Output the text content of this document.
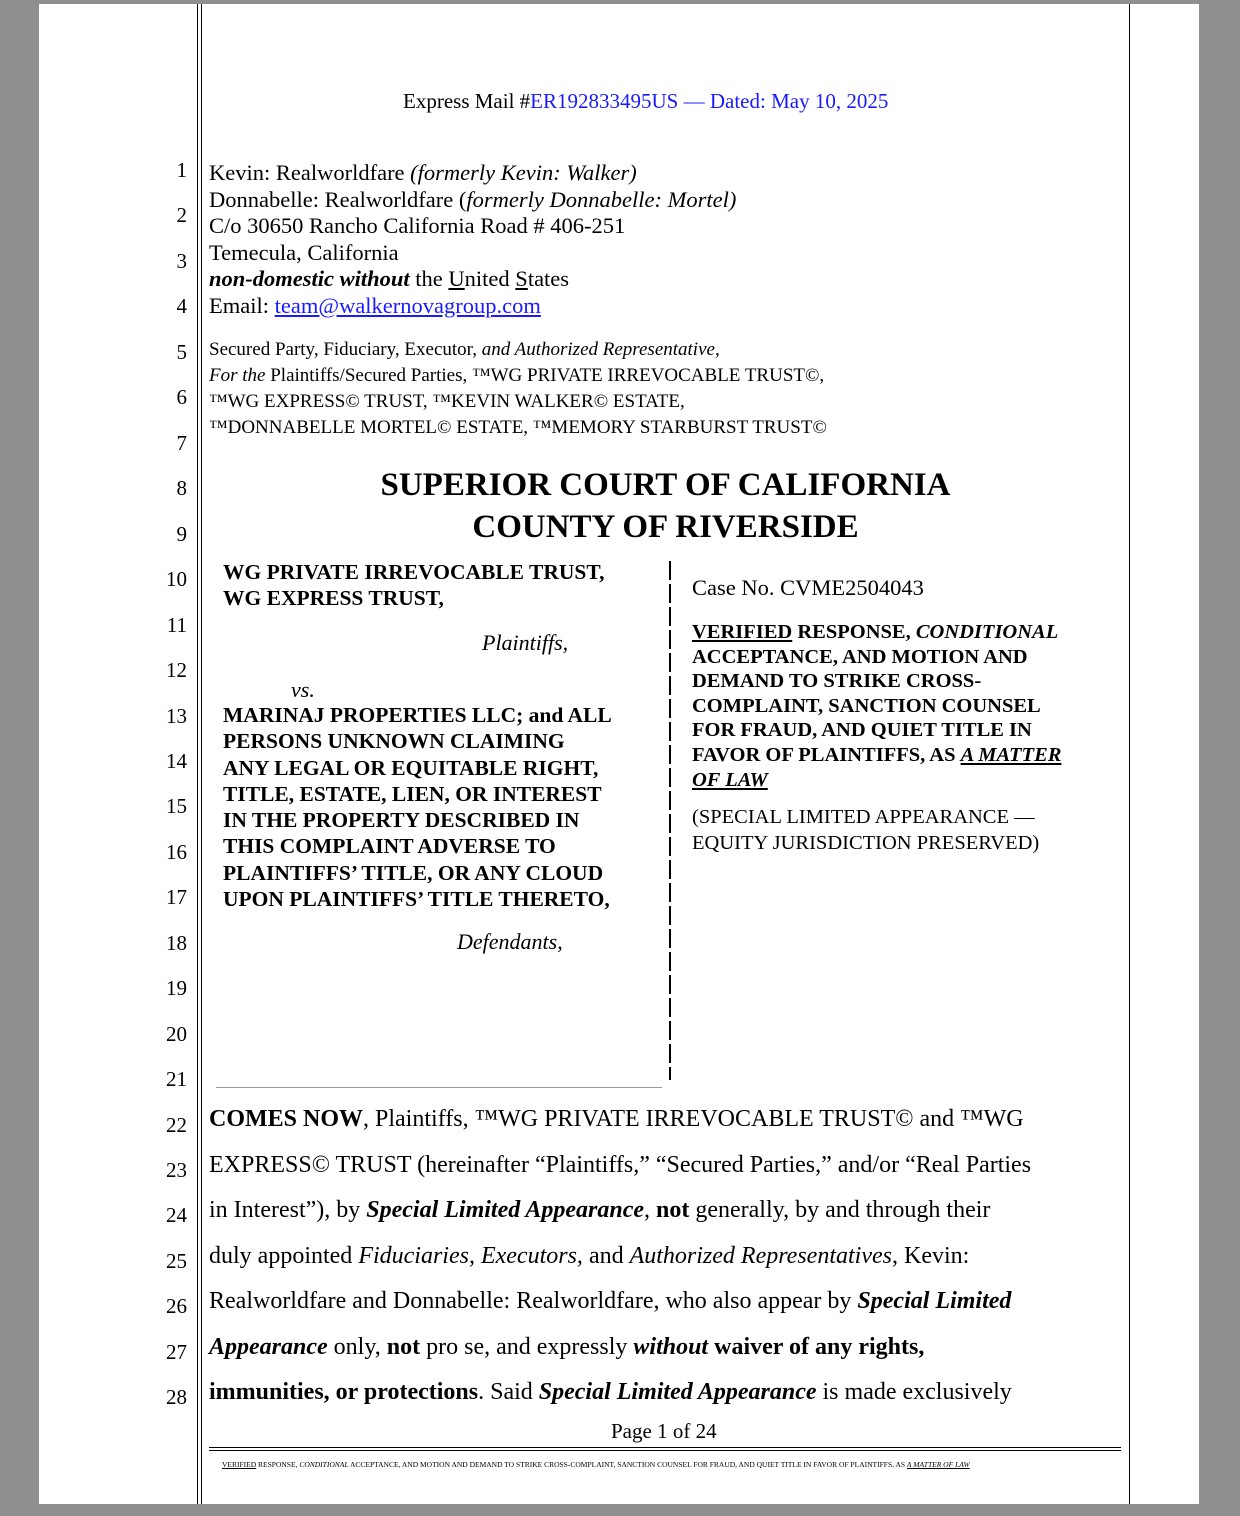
Express Mail #ER192833495US — Dated: May 10, 2025
1
2
3
4
5
6
7
8
9
10
11
12
13
14
15
16
17
18
19
20
21
22
23
24
25
26
27
28
Kevin: Realworldfare (formerly Kevin: Walker)
Donnabelle: Realworldfare (formerly Donnabelle: Mortel)
C/o 30650 Rancho California Road # 406-251
Temecula, California
non-domestic without the United States
Email: team@walkernovagroup.com
Secured Party, Fiduciary, Executor, and Authorized Representative,
For the Plaintiffs/Secured Parties, ™WG PRIVATE IRREVOCABLE TRUST©,
™WG EXPRESS© TRUST, ™KEVIN WALKER© ESTATE,
™DONNABELLE MORTEL© ESTATE, ™MEMORY STARBURST TRUST©
SUPERIOR COURT OF CALIFORNIA
COUNTY OF RIVERSIDE
WG PRIVATE IRREVOCABLE TRUST,
WG EXPRESS TRUST,
Plaintiffs,
vs.
MARINAJ PROPERTIES LLC; and ALL
PERSONS UNKNOWN CLAIMING
ANY LEGAL OR EQUITABLE RIGHT,
TITLE, ESTATE, LIEN, OR INTEREST
IN THE PROPERTY DESCRIBED IN
THIS COMPLAINT ADVERSE TO
PLAINTIFFS’ TITLE, OR ANY CLOUD
UPON PLAINTIFFS’ TITLE THERETO,
Defendants,
Case No. CVME2504043
VERIFIED RESPONSE, CONDITIONAL
ACCEPTANCE, AND MOTION AND
DEMAND TO STRIKE CROSS-
COMPLAINT, SANCTION COUNSEL
FOR FRAUD, AND QUIET TITLE IN
FAVOR OF PLAINTIFFS, AS A MATTER
OF LAW
(SPECIAL LIMITED APPEARANCE —
EQUITY JURISDICTION PRESERVED)
COMES NOW, Plaintiffs, ™WG PRIVATE IRREVOCABLE TRUST© and ™WG
EXPRESS© TRUST (hereinafter “Plaintiffs,” “Secured Parties,” and/or “Real Parties
in Interest”), by Special Limited Appearance, not generally, by and through their
duly appointed Fiduciaries, Executors, and Authorized Representatives, Kevin:
Realworldfare and Donnabelle: Realworldfare, who also appear by Special Limited
Appearance only, not pro se, and expressly without waiver of any rights,
immunities, or protections. Said Special Limited Appearance is made exclusively
Page 1 of 24
VERIFIED RESPONSE, CONDITIONAL ACCEPTANCE, AND MOTION AND DEMAND TO STRIKE CROSS-COMPLAINT, SANCTION COUNSEL FOR FRAUD, AND QUIET TITLE IN FAVOR OF PLAINTIFFS, AS A MATTER OF LAW
